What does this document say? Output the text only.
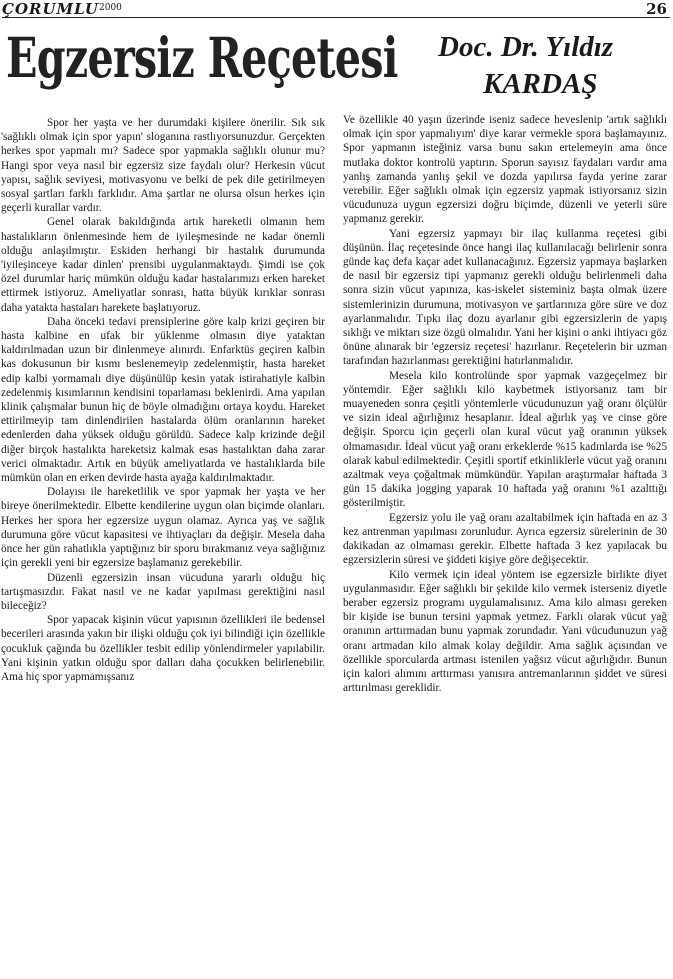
ÇORUMLU 2000	26
Egzersiz Reçetesi Doc. Dr. Yıldız
KARDAŞ

Spor her yaşta ve her durumdaki kişilere önerilir. Sık sık 'sağlıklı olmak için spor yapın' sloganına rastlıyorsunuzdur. Gerçekten herkes spor yapmalı mı? Sadece spor yapmakla sağlıklı olunur mu? Hangi spor veya nasıl bir egzersiz size faydalı olur? Herkesin vücut yapısı, sağlık seviyesi, motivasyonu ve belki de pek dile getirilmeyen sosyal şartları farklı farklıdır. Ama şartlar ne olursa olsun herkes için geçerli kurallar vardır.

Genel olarak bakıldığında artık hareketli olmanın hem hastalıkların önlenmesinde hem de iyileşmesinde ne kadar önemli olduğu anlaşılmıştır. Eskiden herhangi bir hastalık durumunda 'iyileşinceye kadar dinlen' prensibi uygulanmaktaydı. Şimdi ise çok özel durumlar hariç mümkün olduğu kadar hastalarımızı erken hareket ettirmek istiyoruz. Ameliyatlar sonrası, hatta büyük kırıklar sonrası daha yatakta hastaları harekete başlatıyoruz.

Daha önceki tedavi prensiplerine göre kalp krizi geçiren bir hasta kalbine en ufak bir yüklenme olmasın diye yataktan kaldırılmadan uzun bir dinlenmeye alınırdı. Enfarktüs geçiren kalbin kas dokusunun bir kısmı beslenemeyip zedelenmiştir, hasta hareket edip kalbi yormamalı diye düşünülüp kesin yatak istirahatiyle kalbin zedelenmiş kısımlarının kendisini toparlaması beklenirdi. Ama yapılan klinik çalışmalar bunun hiç de böyle olmadığını ortaya koydu. Hareket ettirilmeyip tam dinlendirilen hastalarda ölüm oranlarının hareket edenlerden daha yüksek olduğu görüldü. Sadece kalp krizinde değil diğer birçok hastalıkta hareketsiz kalmak esas hastalıktan daha zarar verici olmaktadır. Artık en büyük ameliyatlarda ve hastalıklarda bile mümkün olan en erken devirde hasta ayağa kaldırılmaktadır.

Dolayısı ile hareketlilik ve spor yapmak her yaşta ve her bireye önerilmektedir. Elbette kendilerine uygun olan biçimde olanları. Herkes her spora her egzersize uygun olamaz. Ayrıca yaş ve sağlık durumuna göre vücut kapasitesi ve ihtiyaçları da değişir. Mesela daha önce her gün rahatlıkla yaptığınız bir sporu bırakmanız veya sağlığınız için gerekli yeni bir egzersize başlamanız gerekebilir.

Düzenli egzersizin insan vücuduna yararlı olduğu hiç tartışmasızdır. Fakat nasıl ve ne kadar yapılması gerektiğini nasıl bileceğiz?

Spor yapacak kişinin vücut yapısının özellikleri ile bedensel becerileri arasında yakın bir ilişki olduğu çok iyi bilindiği için özellikle çocukluk çağında bu özellikler tesbit edilip yönlendirmeler yapılabilir. Yani kişinin yatkın olduğu spor dalları daha çocukken belirlenebilir. Ama hiç spor yapmamışsanız

Ve özellikle 40 yaşın üzerinde iseniz sadece heveslenip 'artık sağlıklı olmak için spor yapmalıyım' diye karar vermekle spora başlamayınız. Spor yapmanın isteğiniz varsa bunu sakın ertelemeyin ama önce mutlaka doktor kontrolü yaptırın. Sporun sayısız faydaları vardır ama yanlış zamanda yanlış şekil ve dozda yapılırsa fayda yerine zarar verebilir. Eğer sağlıklı olmak için egzersiz yapmak istiyorsanız sizin vücudunuza uygun egzersizi doğru biçimde, düzenli ve yeterli süre yapmanız gerekir.

Yani egzersiz yapmayı bir ilaç kullanma reçetesi gibi düşünün. İlaç reçetesinde önce hangi ilaç kullanılacağı belirlenir sonra günde kaç defa kaçar adet kullanacağınız. Egzersiz yapmaya başlarken de nasıl bir egzersiz tipi yapmanız gerekli olduğu belirlenmeli daha sonra sizin vücut yapınıza, kas-iskelet sisteminiz başta olmak üzere sistemlerinizin durumuna, motivasyon ve şartlarınıza göre süre ve doz ayarlanmalıdır. Tıpkı ilaç dozu ayarlanır gibi egzersizlerin de yapış sıklığı ve miktarı size özgü olmalıdır. Yani her kişini o anki ihtiyacı göz önüne alınarak bir 'egzersiz reçetesi' hazırlanır. Reçetelerin bir uzman tarafından hazırlanması gerektiğini hatırlanmalıdır.

Mesela kilo kontrolünde spor yapmak vazgeçelmez bir yöntemdir. Eğer sağlıklı kilo kaybetmek istiyorsanız tam bir muayeneden sonra çeşitli yöntemlerle vücudunuzun yağ oranı ölçülür ve sizin ideal ağırlığınız hesaplanır. İdeal ağırlık yaş ve cinse göre değişir. Sporcu için geçerli olan kural vücut yağ oranının yüksek olmamasıdır. İdeal vücut yağ oranı erkeklerde %15 kadınlarda ise %25 olarak kabul edilmektedir. Çeşitli sportif etkinliklerle vücut yağ oranını azaltmak veya çoğaltmak mümkündür. Yapılan araştırmalar haftada 3 gün 15 dakika jogging yaparak 10 haftada yağ oranını %1 azalttığı gösterilmiştir.

Egzersiz yolu ile yağ oranı azaltabilmek için haftada en az 3 kez antrenman yapılması zorunludur. Ayrıca egzersiz sürelerinin de 30 dakikadan az olmaması gerekir. Elbette haftada 3 kez yapılacak bu egzersizlerin süresi ve şiddeti kişiye göre değişecektir.

Kilo vermek için ideal yöntem ise egzersizle birlikte diyet uygulanmasıdır. Eğer sağlıklı bir şekilde kilo vermek isterseniz diyetle beraber egzersiz programı uygulamalısınız. Ama kilo alması gereken bir kişide ise bunun tersini yapmak yetmez. Farklı olarak vücut yağ oranının arttırmadan bunu yapmak zorundadır. Yani vücudunuzun yağ oranı artmadan kilo almak kolay değildir. Ama sağlık açısından ve özellikle sporcularda artması istenilen yağsız vücut ağırlığıdır. Bunun için kalori alımını arttırması yanısıra antremanlarının şiddet ve süresi arttırılması gereklidir.
